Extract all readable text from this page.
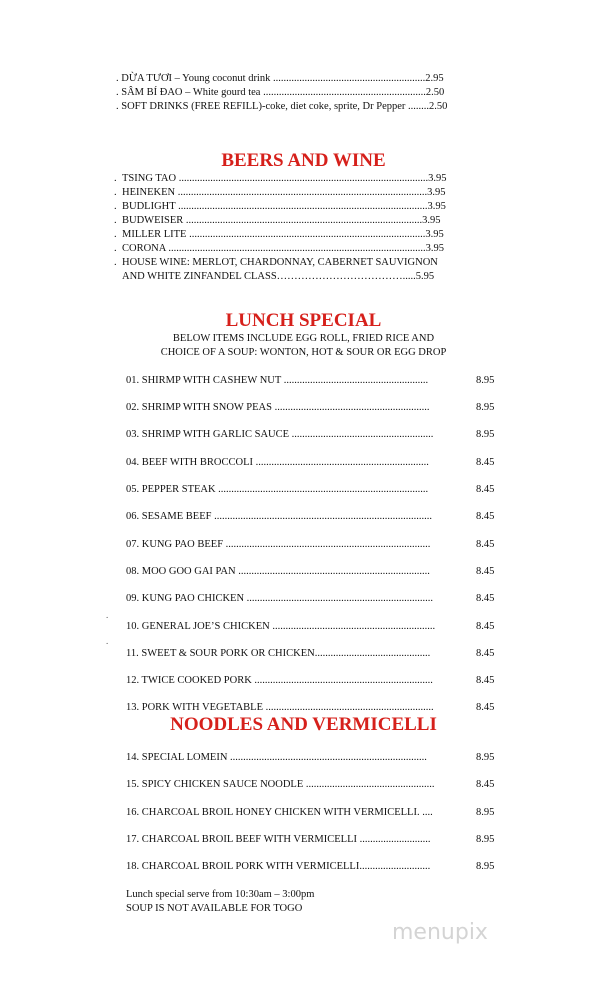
. DỪA TƯƠI – Young coconut drink ..........................................................2.95
. SÂM BÍ ĐAO – White gourd tea ..............................................................2.50
. SOFT DRINKS (FREE REFILL)-coke, diet coke, sprite, Dr Pepper ........2.50
BEERS AND WINE
. TSING TAO ...............................................................................................3.95
. HEINEKEN ...............................................................................................3.95
. BUDLIGHT ...............................................................................................3.95
. BUDWEISER ..........................................................................................3.95
. MILLER LITE ..........................................................................................3.95
. CORONA ..................................................................................................3.95
. HOUSE WINE: MERLOT, CHARDONNAY, CABERNET SAUVIGNON
AND WHITE ZINFANDEL CLASS……………………………….....5.95
LUNCH SPECIAL
BELOW ITEMS INCLUDE EGG ROLL, FRIED RICE AND
CHOICE OF A SOUP: WONTON, HOT & SOUR OR EGG DROP
01. SHIRMP WITH CASHEW NUT .......................................................	8.95
02. SHRIMP WITH SNOW PEAS ...........................................................	8.95
03. SHRIMP WITH GARLIC SAUCE ......................................................	8.95
04. BEEF WITH BROCCOLI ..................................................................	8.45
05. PEPPER STEAK ................................................................................	8.45
06. SESAME BEEF ...................................................................................	8.45
07. KUNG PAO BEEF ..............................................................................	8.45
08. MOO GOO GAI PAN .........................................................................	8.45
09. KUNG PAO CHICKEN .......................................................................	8.45
.
10. GENERAL JOE’S CHICKEN ..............................................................	8.45
.
11. SWEET & SOUR PORK OR CHICKEN............................................	8.45
12. TWICE COOKED PORK ....................................................................	8.45
13. PORK WITH VEGETABLE ................................................................	8.45
NOODLES AND VERMICELLI
14. SPECIAL LOMEIN ...........................................................................	8.95
15. SPICY CHICKEN SAUCE NOODLE .................................................	8.45
16. CHARCOAL BROIL HONEY CHICKEN WITH VERMICELLI. ....	8.95
17. CHARCOAL BROIL BEEF WITH VERMICELLI ...........................	8.95
18. CHARCOAL BROIL PORK WITH VERMICELLI...........................	8.95
Lunch special serve from 10:30am – 3:00pm
SOUP IS NOT AVAILABLE FOR TOGO
menupix
